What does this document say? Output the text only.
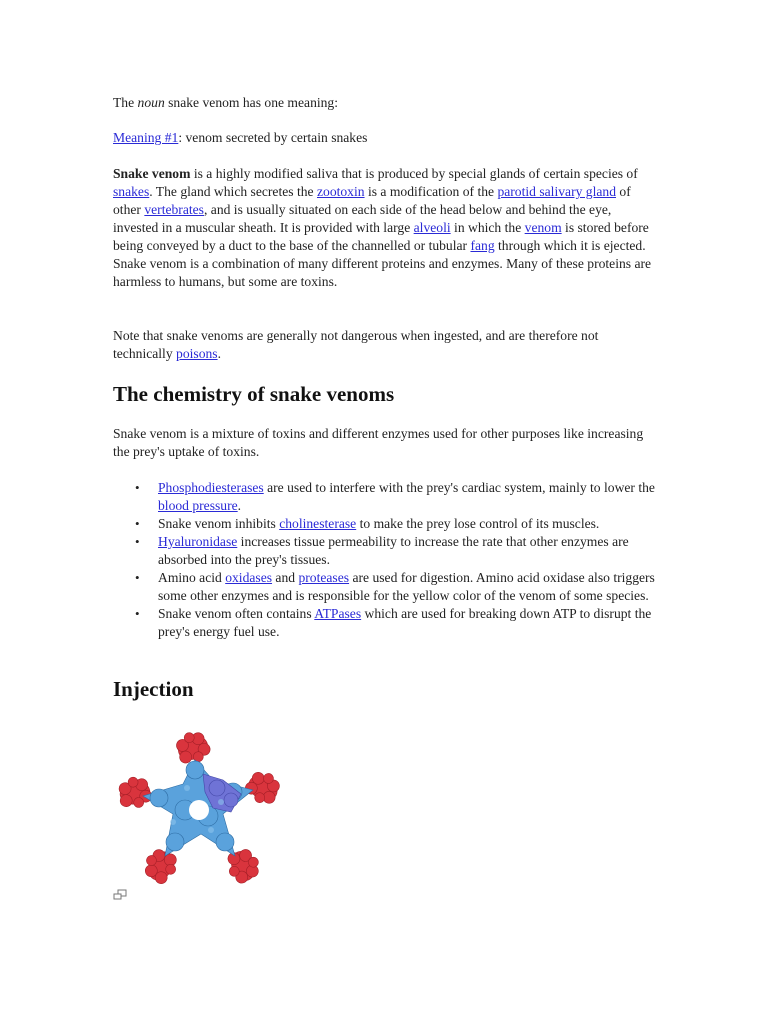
The noun snake venom has one meaning:

Meaning #1: venom secreted by certain snakes

Snake venom is a highly modified saliva that is produced by special glands of certain species of snakes. The gland which secretes the zootoxin is a modification of the parotid salivary gland of other vertebrates, and is usually situated on each side of the head below and behind the eye, invested in a muscular sheath. It is provided with large alveoli in which the venom is stored before being conveyed by a duct to the base of the channelled or tubular fang through which it is ejected. Snake venom is a combination of many different proteins and enzymes. Many of these proteins are harmless to humans, but some are toxins.

Note that snake venoms are generally not dangerous when ingested, and are therefore not technically poisons.

The chemistry of snake venoms

Snake venom is a mixture of toxins and different enzymes used for other purposes like increasing the prey's uptake of toxins.

• Phosphodiesterases are used to interfere with the prey's cardiac system, mainly to lower the blood pressure.
• Snake venom inhibits cholinesterase to make the prey lose control of its muscles.
• Hyaluronidase increases tissue permeability to increase the rate that other enzymes are absorbed into the prey's tissues.
• Amino acid oxidases and proteases are used for digestion. Amino acid oxidase also triggers some other enzymes and is responsible for the yellow color of the venom of some species.
• Snake venom often contains ATPases which are used for breaking down ATP to disrupt the prey's energy fuel use.
Injection
